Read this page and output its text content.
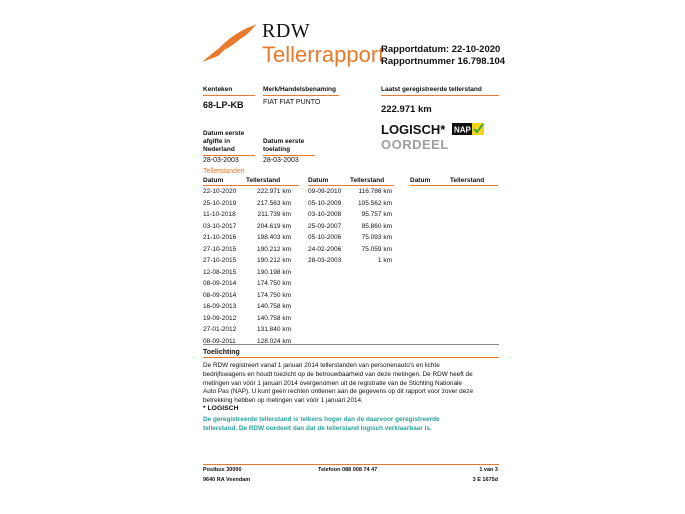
RDW
Tellerrapport
Rapportdatum: 22-10-2020
Rapportnummer 16.798.104
Kenteken
68-LP-KB
Merk/Handelsbenaming
FIAT FIAT PUNTO
Laatst geregistreerde tellerstand
222.971 km
Datum eerste
afgifte in
Nederland
28-03-2003
Datum eerste
toelating
28-03-2003
LOGISCH*
OORDEEL
NAP
Tellerstanden
Datum	Tellerstand	Datum	Tellerstand	Datum	Tellerstand
22-10-2020	222.971 km
25-10-2019	217.563 km
11-10-2018	211.739 km
03-10-2017	204.619 km
21-10-2016	198.403 km
27-10-2015	190.212 km
27-10-2015	190.212 km
12-08-2015	190.198 km
08-09-2014	174.750 km
08-09-2014	174.750 km
16-09-2013	140.758 km
19-09-2012	140.758 km
27-01-2012	131.840 km
08-09-2011	128.024 km
09-09-2010	116.786 km
05-10-2009	105.562 km
03-10-2008	95.757 km
25-09-2007	85.860 km
05-10-2006	75.093 km
24-02-2006	75.059 km
28-03-2003	1 km
Toelichting
De RDW registreert vanaf 1 januari 2014 tellerstanden van personenauto's en lichte bedrijfswagens en houdt toezicht op de betrouwbaarheid van deze metingen. De RDW heeft de metingen van vóór 1 januari 2014 overgenomen uit de registratie van de Stichting Nationale Auto Pas (NAP). U kunt geen rechten ontlenen aan de gegevens op dit rapport voor zover deze betrekking hebben op metingen van vóór 1 januari 2014.
* LOGISCH
De geregistreerde tellerstand is telkens hoger dan de daarvoor geregistreerde tellerstand. De RDW oordeelt dan dat de tellerstand logisch verklaarbaar is.
Postbus 30000
9640 RA Veendam
Telefoon 088 008 74 47	1 van 3
3 E 1675d
